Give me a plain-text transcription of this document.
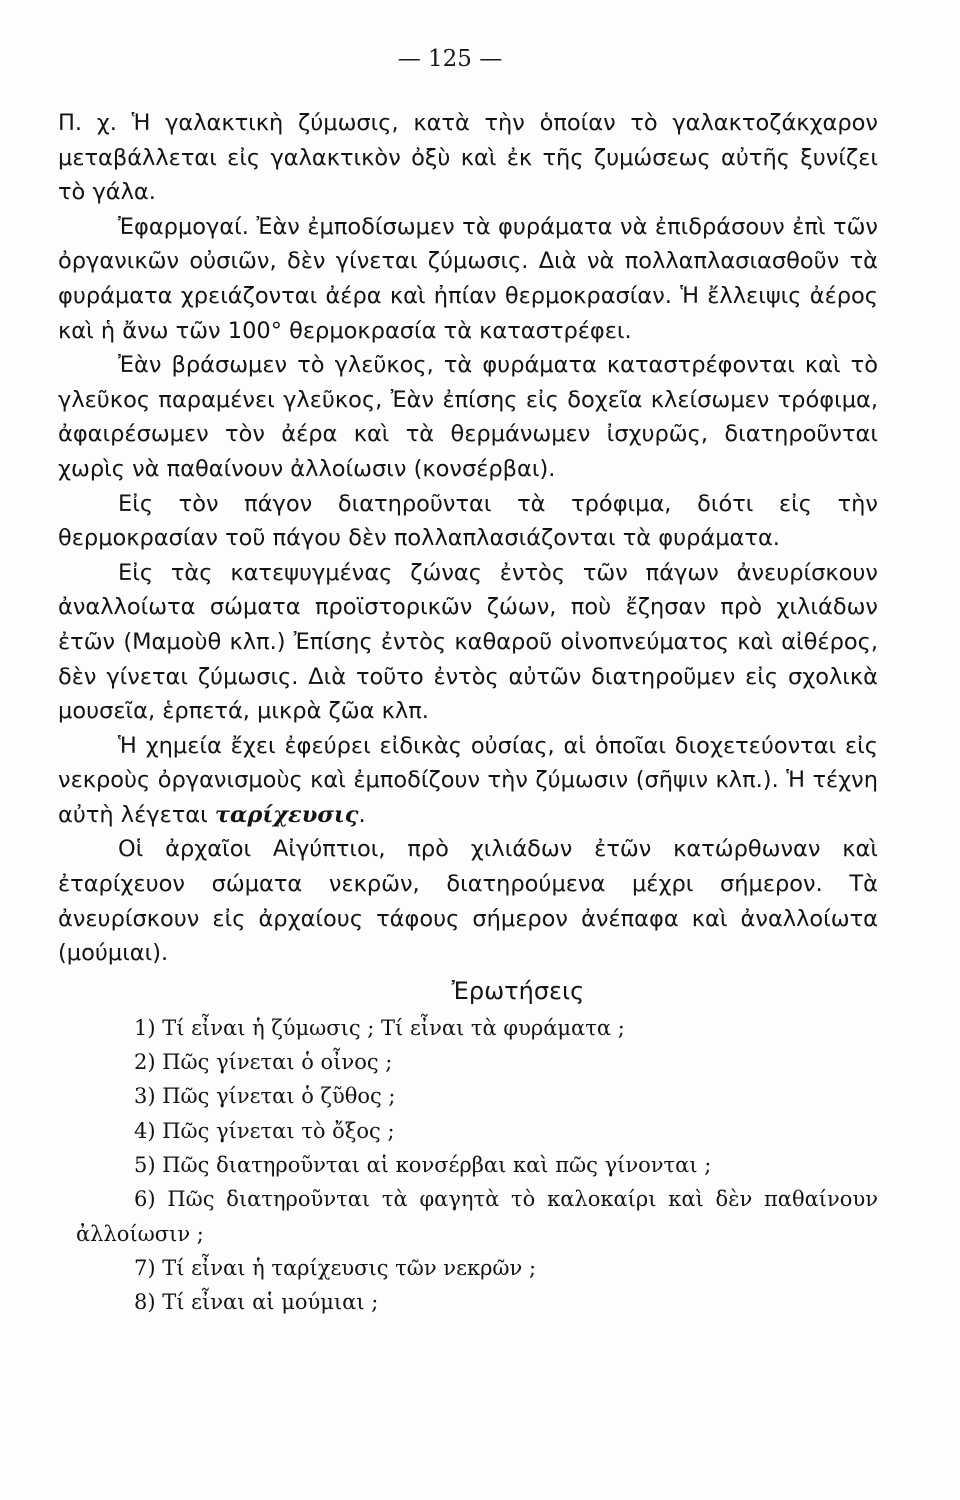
— 125 —

Π. χ. Ἡ γαλακτικὴ ζύμωσις, κατὰ τὴν ὁποίαν τὸ γαλακτοζάκχαρον μεταβάλλεται εἰς γαλακτικὸν ὀξὺ καὶ ἐκ τῆς ζυμώσεως αὐτῆς ξυνίζει τὸ γάλα.

Ἐφαρμογαί. Ἐὰν ἐμποδίσωμεν τὰ φυράματα νὰ ἐπιδράσουν ἐπὶ τῶν ὀργανικῶν οὐσιῶν, δὲν γίνεται ζύμωσις. Διὰ νὰ πολλαπλασιασθοῦν τὰ φυράματα χρειάζονται ἀέρα καὶ ἠπίαν θερμοκρασίαν. Ἡ ἔλλειψις ἀέρος καὶ ἡ ἄνω τῶν 100° θερμοκρασία τὰ καταστρέφει.

Ἐὰν βράσωμεν τὸ γλεῦκος, τὰ φυράματα καταστρέφονται καὶ τὸ γλεῦκος παραμένει γλεῦκος, Ἐὰν ἐπίσης εἰς δοχεῖα κλείσωμεν τρόφιμα, ἀφαιρέσωμεν τὸν ἀέρα καὶ τὰ θερμάνωμεν ἰσχυρῶς, διατηροῦνται χωρὶς νὰ παθαίνουν ἀλλοίωσιν (κονσέρβαι).

Εἰς τὸν πάγον διατηροῦνται τὰ τρόφιμα, διότι εἰς τὴν θερμοκρασίαν τοῦ πάγου δὲν πολλαπλασιάζονται τὰ φυράματα.

Εἰς τὰς κατεψυγμένας ζώνας ἐντὸς τῶν πάγων ἀνευρίσκουν ἀναλλοίωτα σώματα προϊστορικῶν ζώων, ποὺ ἔζησαν πρὸ χιλιάδων ἐτῶν (Μαμοὺθ κλπ.) Ἐπίσης ἐντὸς καθαροῦ οἰνοπνεύματος καὶ αἰθέρος, δὲν γίνεται ζύμωσις. Διὰ τοῦτο ἐντὸς αὐτῶν διατηροῦμεν εἰς σχολικὰ μουσεῖα, ἑρπετά, μικρὰ ζῶα κλπ.

Ἡ χημεία ἔχει ἐφεύρει εἰδικὰς οὐσίας, αἱ ὁποῖαι διοχετεύονται εἰς νεκροὺς ὀργανισμοὺς καὶ ἐμποδίζουν τὴν ζύμωσιν (σῆψιν κλπ.). Ἡ τέχνη αὐτὴ λέγεται ταρίχευσις.

Οἱ ἀρχαῖοι Αἰγύπτιοι, πρὸ χιλιάδων ἐτῶν κατώρθωναν καὶ ἐταρίχευον σώματα νεκρῶν, διατηρούμενα μέχρι σήμερον. Τὰ ἀνευρίσκουν εἰς ἀρχαίους τάφους σήμερον ἀνέπαφα καὶ ἀναλλοίωτα (μούμιαι).

Ἐρωτήσεις
1) Τί εἶναι ἡ ζύμωσις ; Τί εἶναι τὰ φυράματα ;
2) Πῶς γίνεται ὁ οἶνος ;
3) Πῶς γίνεται ὁ ζῦθος ;
4) Πῶς γίνεται τὸ ὄξος ;
5) Πῶς διατηροῦνται αἱ κονσέρβαι καὶ πῶς γίνονται ;
6) Πῶς διατηροῦνται τὰ φαγητὰ τὸ καλοκαίρι καὶ δὲν παθαίνουν ἀλλοίωσιν ;
7) Τί εἶναι ἡ ταρίχευσις τῶν νεκρῶν ;
8) Τί εἶναι αἱ μούμιαι ;
